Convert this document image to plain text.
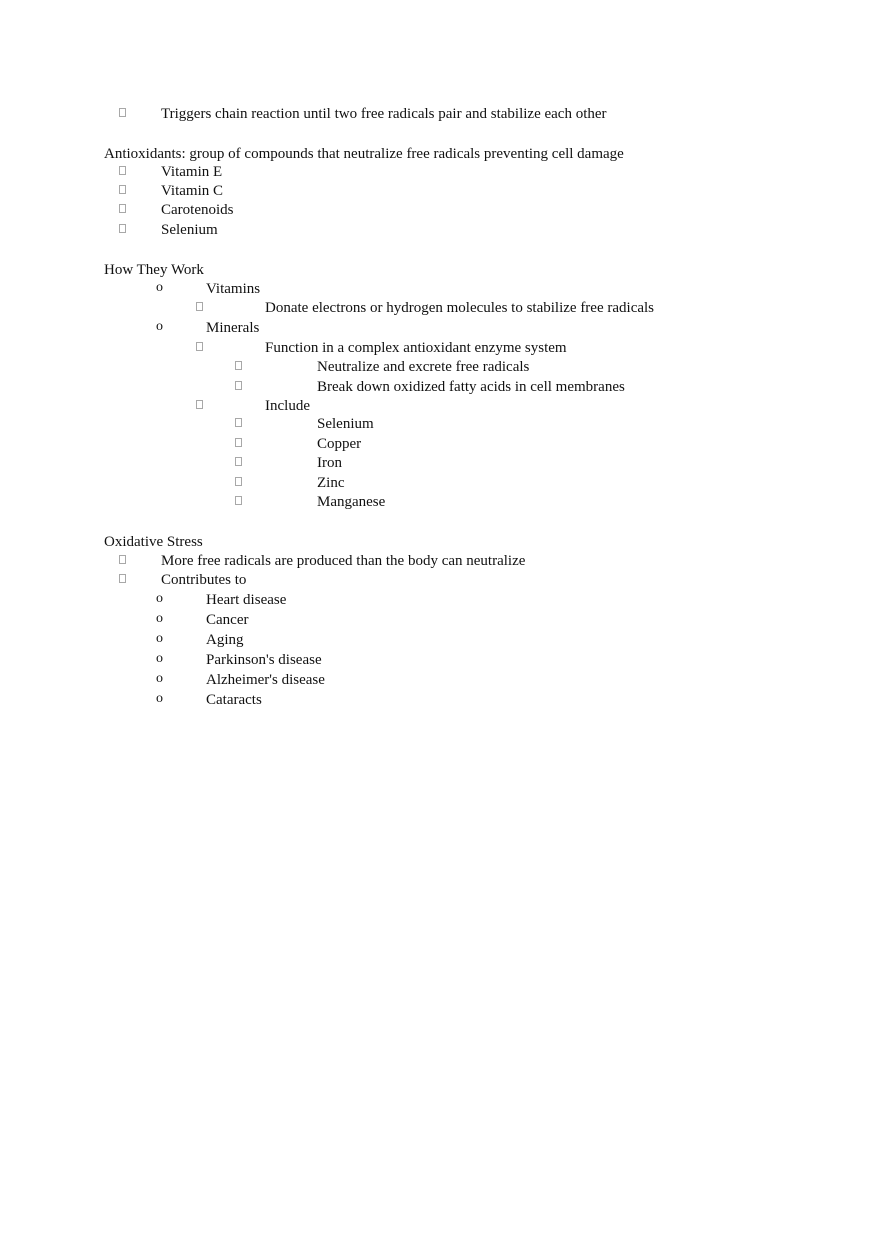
Triggers chain reaction until two free radicals pair and stabilize each other
Antioxidants: group of compounds that neutralize free radicals preventing cell damage
Vitamin E
Vitamin C
Carotenoids
Selenium
How They Work
o	Vitamins
Donate electrons or hydrogen molecules to stabilize free radicals
o	Minerals
Function in a complex antioxidant enzyme system
Neutralize and excrete free radicals
Break down oxidized fatty acids in cell membranes
Include
Selenium
Copper
Iron
Zinc
Manganese
Oxidative Stress
More free radicals are produced than the body can neutralize
Contributes to
o	Heart disease
o	Cancer
o	Aging
o	Parkinson's disease
o	Alzheimer's disease
o	Cataracts
